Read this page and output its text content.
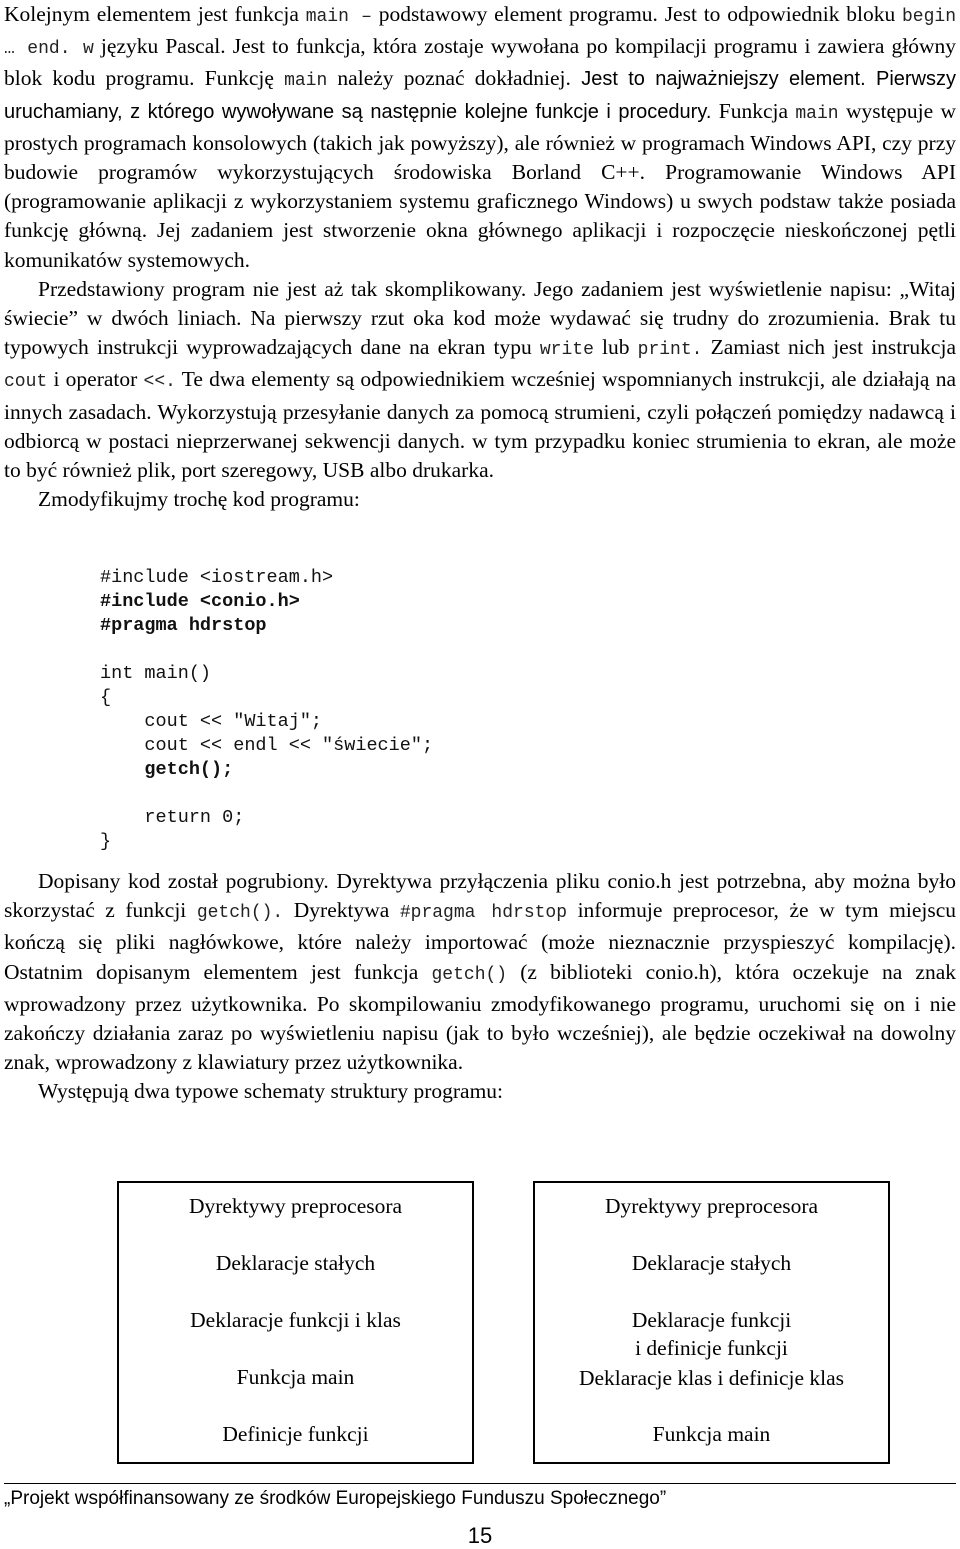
Kolejnym elementem jest funkcja main – podstawowy element programu. Jest to odpowiednik bloku begin … end. w języku Pascal. Jest to funkcja, która zostaje wywołana po kompilacji programu i zawiera główny blok kodu programu. Funkcję main należy poznać dokładniej. Jest to najważniejszy element. Pierwszy uruchamiany, z którego wywoływane są następnie kolejne funkcje i procedury. Funkcja main występuje w prostych programach konsolowych (takich jak powyższy), ale również w programach Windows API, czy przy budowie programów wykorzystujących środowiska Borland C++. Programowanie Windows API (programowanie aplikacji z wykorzystaniem systemu graficznego Windows) u swych podstaw także posiada funkcję główną. Jej zadaniem jest stworzenie okna głównego aplikacji i rozpoczęcie nieskończonej pętli komunikatów systemowych.

Przedstawiony program nie jest aż tak skomplikowany. Jego zadaniem jest wyświetlenie napisu: „Witaj świecie” w dwóch liniach. Na pierwszy rzut oka kod może wydawać się trudny do zrozumienia. Brak tu typowych instrukcji wyprowadzających dane na ekran typu write lub print. Zamiast nich jest instrukcja cout i operator <<. Te dwa elementy są odpowiednikiem wcześniej wspomnianych instrukcji, ale działają na innych zasadach. Wykorzystują przesyłanie danych za pomocą strumieni, czyli połączeń pomiędzy nadawcą i odbiorcą w postaci nieprzerwanej sekwencji danych. w tym przypadku koniec strumienia to ekran, ale może to być również plik, port szeregowy, USB albo drukarka.

Zmodyfikujmy trochę kod programu:

#include <iostream.h>
#include <conio.h>
#pragma hdrstop
int main()
{
cout << "Witaj";
cout << endl << "świecie";
getch();
return 0;
}

Dopisany kod został pogrubiony. Dyrektywa przyłączenia pliku conio.h jest potrzebna, aby można było skorzystać z funkcji getch(). Dyrektywa #pragma hdrstop informuje preprocesor, że w tym miejscu kończą się pliki nagłówkowe, które należy importować (może nieznacznie przyspieszyć kompilację). Ostatnim dopisanym elementem jest funkcja getch() (z biblioteki conio.h), która oczekuje na znak wprowadzony przez użytkownika. Po skompilowaniu zmodyfikowanego programu, uruchomi się on i nie zakończy działania zaraz po wyświetleniu napisu (jak to było wcześniej), ale będzie oczekiwał na dowolny znak, wprowadzony z klawiatury przez użytkownika.

Występują dwa typowe schematy struktury programu:

Dyrektywy preprocesora
Deklaracje stałych
Deklaracje funkcji i klas
Funkcja main
Definicje funkcji
Dyrektywy preprocesora
Deklaracje stałych
Deklaracje funkcji
i definicje funkcji
Deklaracje klas i definicje klas
Funkcja main
„Projekt współfinansowany ze środków Europejskiego Funduszu Społecznego”
15
